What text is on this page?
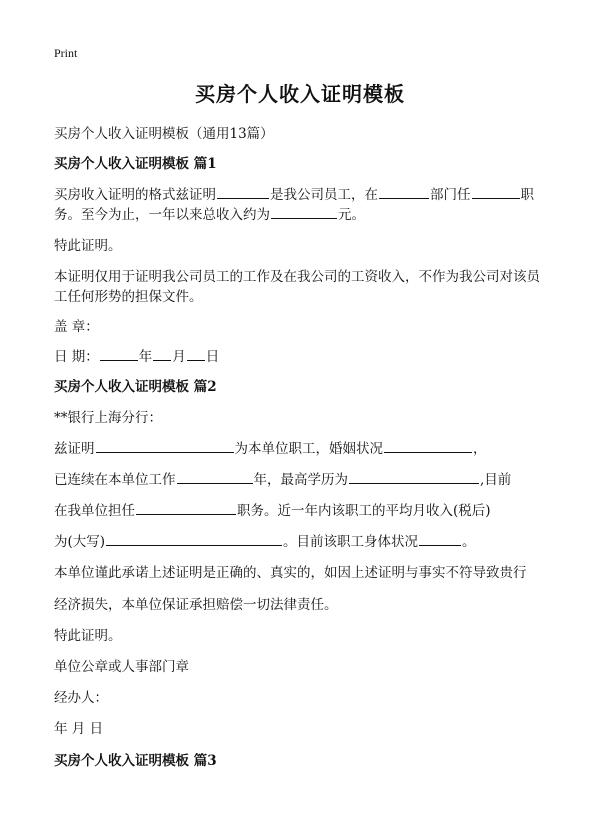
Print
买房个人收入证明模板
买房个人收入证明模板（通用13篇）
买房个人收入证明模板 篇1
买房收入证明的格式兹证明	是我公司员工，在	部门任	职
务。至今为止，一年以来总收入约为	元。
特此证明。
本证明仅用于证明我公司员工的工作及在我公司的工资收入，不作为我公司对该员
工任何形势的担保文件。
盖 章：
日 期：	年 月 日
买房个人收入证明模板 篇2
**银行上海分行：
兹证明	为本单位职工，婚姻状况	，
已连续在本单位工作	年，最高学历为	,目前
在我单位担任	职务。近一年内该职工的平均月收入(税后)
为(大写)	。目前该职工身体状况	。
本单位谨此承诺上述证明是正确的、真实的，如因上述证明与事实不符导致贵行
经济损失，本单位保证承担赔偿一切法律责任。
特此证明。
单位公章或人事部门章
经办人：
年 月 日
买房个人收入证明模板 篇3
